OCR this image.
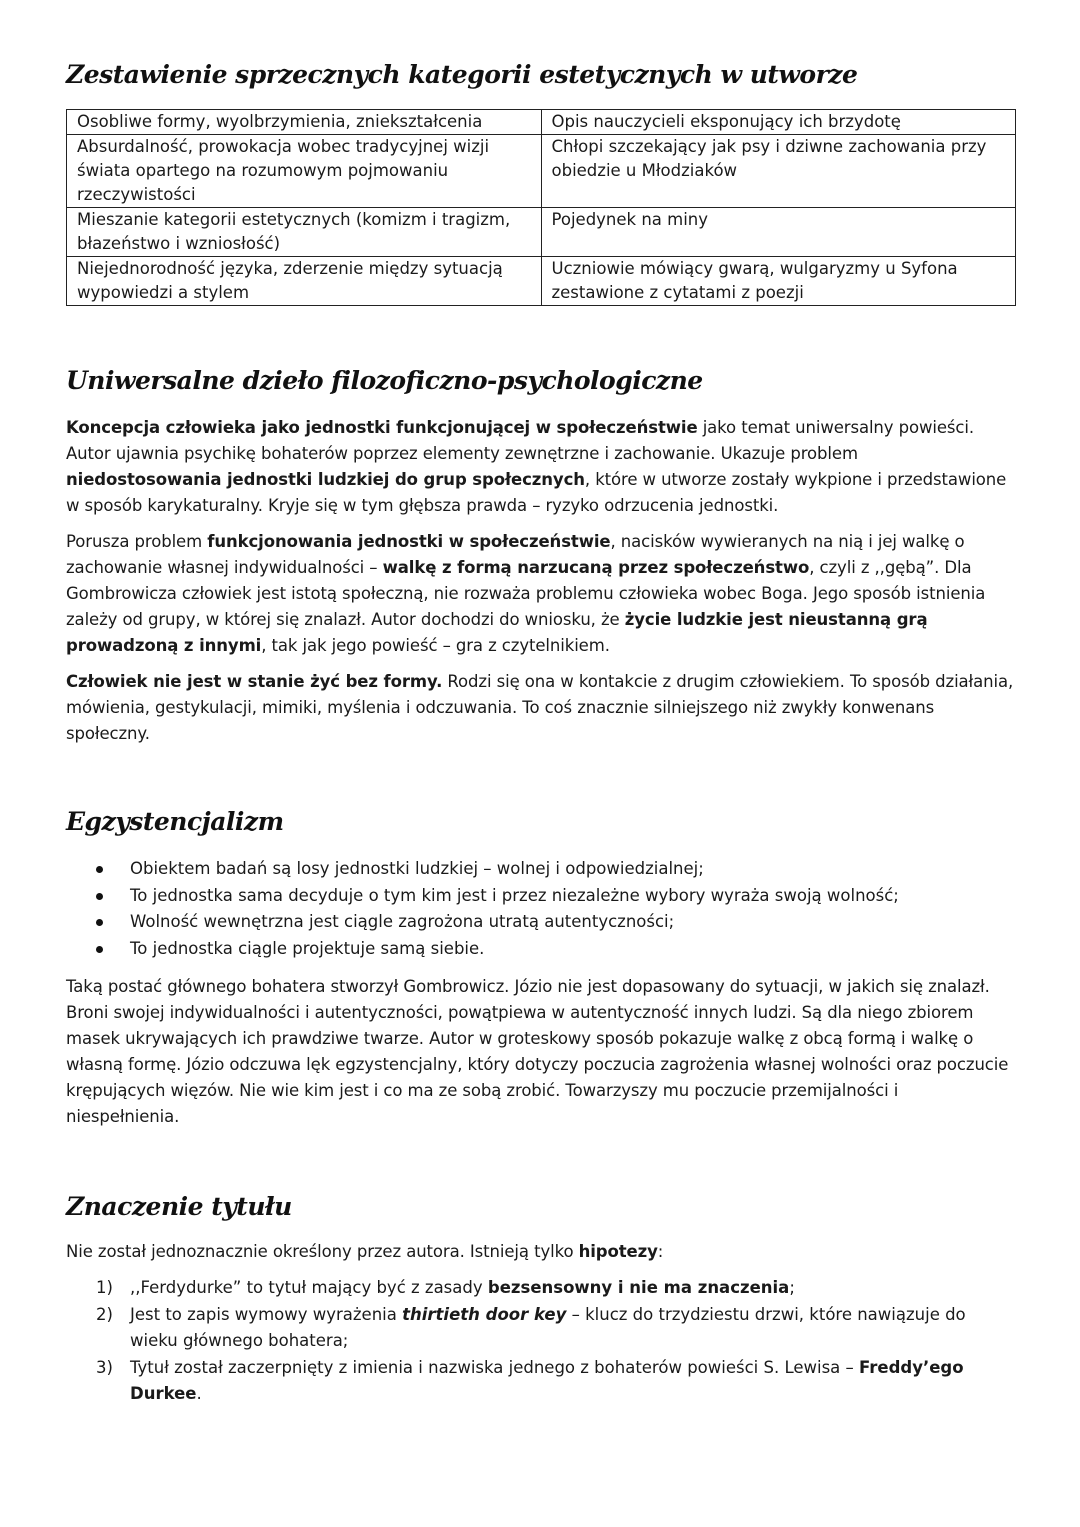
Zestawienie sprzecznych kategorii estetycznych w utworze
Osobliwe formy, wyolbrzymienia, zniekształcenia	Opis nauczycieli eksponujący ich brzydotę
Absurdalność, prowokacja wobec tradycyjnej wizji świata opartego na rozumowym pojmowaniu rzeczywistości	Chłopi szczekający jak psy i dziwne zachowania przy obiedzie u Młodziaków
Mieszanie kategorii estetycznych (komizm i tragizm, błazeństwo i wzniosłość)	Pojedynek na miny
Niejednorodność języka, zderzenie między sytuacją wypowiedzi a stylem	Uczniowie mówiący gwarą, wulgaryzmy u Syfona zestawione z cytatami z poezji
Uniwersalne dzieło filozoficzno-psychologiczne

Koncepcja człowieka jako jednostki funkcjonującej w społeczeństwie jako temat uniwersalny powieści. Autor ujawnia psychikę bohaterów poprzez elementy zewnętrzne i zachowanie. Ukazuje problem niedostosowania jednostki ludzkiej do grup społecznych, które w utworze zostały wykpione i przedstawione w sposób karykaturalny. Kryje się w tym głębsza prawda – ryzyko odrzucenia jednostki.

Porusza problem funkcjonowania jednostki w społeczeństwie, nacisków wywieranych na nią i jej walkę o zachowanie własnej indywidualności – walkę z formą narzucaną przez społeczeństwo, czyli z ,,gębą”. Dla Gombrowicza człowiek jest istotą społeczną, nie rozważa problemu człowieka wobec Boga. Jego sposób istnienia zależy od grupy, w której się znalazł. Autor dochodzi do wniosku, że życie ludzkie jest nieustanną grą prowadzoną z innymi, tak jak jego powieść – gra z czytelnikiem.

Człowiek nie jest w stanie żyć bez formy. Rodzi się ona w kontakcie z drugim człowiekiem. To sposób działania, mówienia, gestykulacji, mimiki, myślenia i odczuwania. To coś znacznie silniejszego niż zwykły konwenans społeczny.

Egzystencjalizm
Obiektem badań są losy jednostki ludzkiej – wolnej i odpowiedzialnej;
To jednostka sama decyduje o tym kim jest i przez niezależne wybory wyraża swoją wolność;
Wolność wewnętrzna jest ciągle zagrożona utratą autentyczności;
To jednostka ciągle projektuje samą siebie.

Taką postać głównego bohatera stworzył Gombrowicz. Józio nie jest dopasowany do sytuacji, w jakich się znalazł. Broni swojej indywidualności i autentyczności, powątpiewa w autentyczność innych ludzi. Są dla niego zbiorem masek ukrywających ich prawdziwe twarze. Autor w groteskowy sposób pokazuje walkę z obcą formą i walkę o własną formę. Józio odczuwa lęk egzystencjalny, który dotyczy poczucia zagrożenia własnej wolności oraz poczucie krępujących więzów. Nie wie kim jest i co ma ze sobą zrobić. Towarzyszy mu poczucie przemijalności i niespełnienia.

Znaczenie tytułu

Nie został jednoznacznie określony przez autora. Istnieją tylko hipotezy:

1) ,,Ferdydurke” to tytuł mający być z zasady bezsensowny i nie ma znaczenia;
2) Jest to zapis wymowy wyrażenia thirtieth door key – klucz do trzydziestu drzwi, które nawiązuje do wieku głównego bohatera;
3) Tytuł został zaczerpnięty z imienia i nazwiska jednego z bohaterów powieści S. Lewisa – Freddy’ego Durkee.
